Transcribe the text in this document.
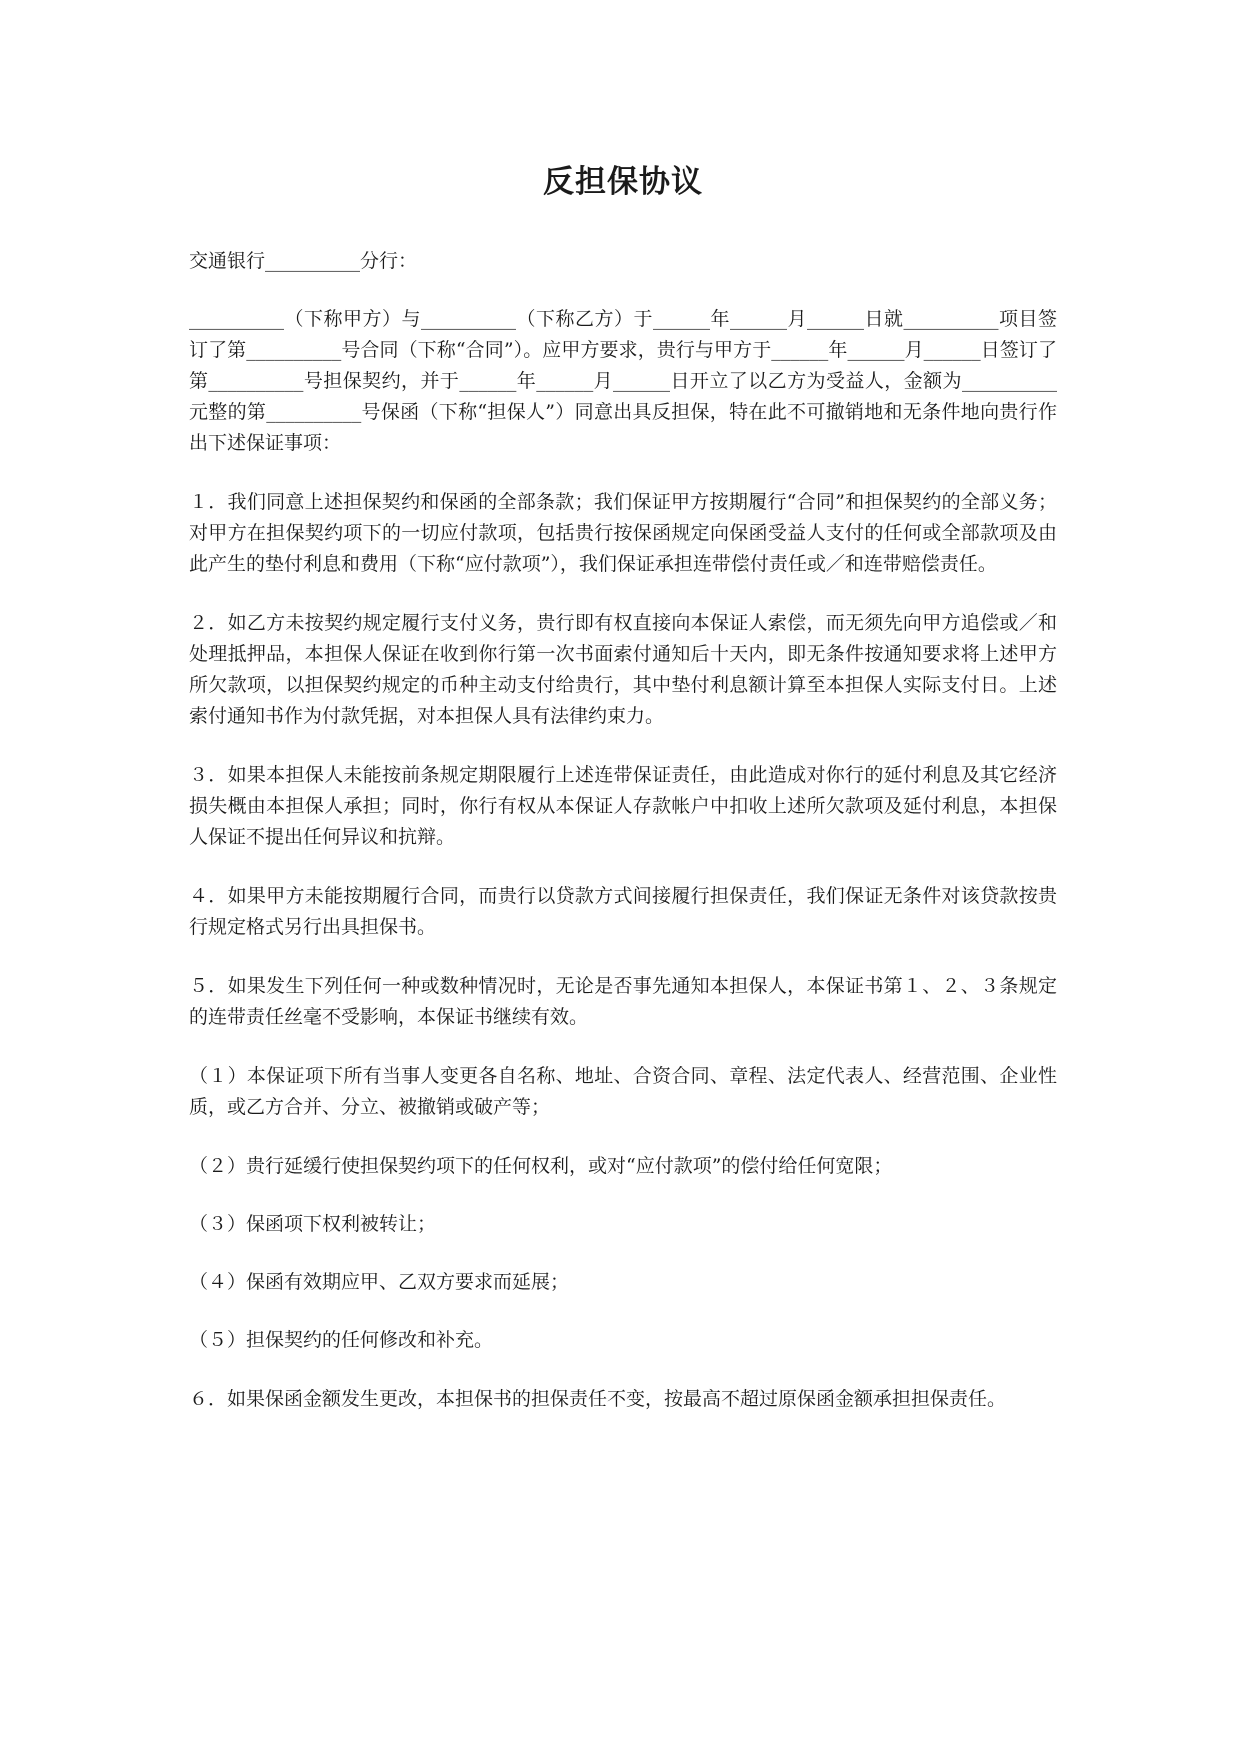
反担保协议

交通银行__________分行：

__________（下称甲方）与__________（下称乙方）于______年______月______日就__________项目签订了第__________号合同（下称“合同”）。应甲方要求，贵行与甲方于______年______月______日签订了第__________号担保契约，并于______年______月______日开立了以乙方为受益人，金额为__________元整的第__________号保函（下称“担保人”）同意出具反担保，特在此不可撤销地和无条件地向贵行作出下述保证事项：

１．我们同意上述担保契约和保函的全部条款；我们保证甲方按期履行“合同”和担保契约的全部义务；对甲方在担保契约项下的一切应付款项，包括贵行按保函规定向保函受益人支付的任何或全部款项及由此产生的垫付利息和费用（下称“应付款项”），我们保证承担连带偿付责任或／和连带赔偿责任。

２．如乙方未按契约规定履行支付义务，贵行即有权直接向本保证人索偿，而无须先向甲方追偿或／和处理抵押品，本担保人保证在收到你行第一次书面索付通知后十天内，即无条件按通知要求将上述甲方所欠款项，以担保契约规定的币种主动支付给贵行，其中垫付利息额计算至本担保人实际支付日。上述索付通知书作为付款凭据，对本担保人具有法律约束力。

３．如果本担保人未能按前条规定期限履行上述连带保证责任，由此造成对你行的延付利息及其它经济损失概由本担保人承担；同时，你行有权从本保证人存款帐户中扣收上述所欠款项及延付利息，本担保人保证不提出任何异议和抗辩。

４．如果甲方未能按期履行合同，而贵行以贷款方式间接履行担保责任，我们保证无条件对该贷款按贵行规定格式另行出具担保书。

５．如果发生下列任何一种或数种情况时，无论是否事先通知本担保人，本保证书第１、２、３条规定的连带责任丝毫不受影响，本保证书继续有效。

（１）本保证项下所有当事人变更各自名称、地址、合资合同、章程、法定代表人、经营范围、企业性质，或乙方合并、分立、被撤销或破产等；

（２）贵行延缓行使担保契约项下的任何权利，或对“应付款项”的偿付给任何宽限；

（３）保函项下权利被转让；

（４）保函有效期应甲、乙双方要求而延展；

（５）担保契约的任何修改和补充。

６．如果保函金额发生更改，本担保书的担保责任不变，按最高不超过原保函金额承担担保责任。
